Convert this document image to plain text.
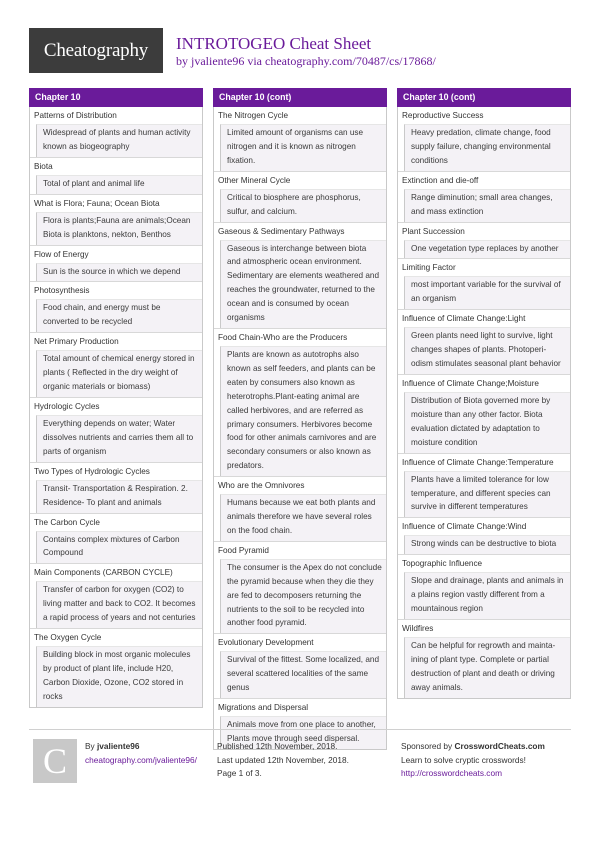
Cheatography	INTROTOGEO Cheat Sheet
by jvaliente96 via cheatography.com/70487/cs/17868/
Chapter 10
Patterns of Distribution
Widespread of plants and human activity known as biogeography
Biota
Total of plant and animal life
What is Flora; Fauna; Ocean Biota
Flora is plants;Fauna are animals;Ocean Biota is planktons, nekton, Benthos
Flow of Energy
Sun is the source in which we depend
Photosynthesis
Food chain, and energy must be converted to be recycled
Net Primary Production
Total amount of chemical energy stored in plants ( Reflected in the dry weight of organic materials or biomass)
Hydrologic Cycles
Everything depends on water; Water dissolves nutrients and carries them all to parts of organism
Two Types of Hydrologic Cycles
Transit- Transportation & Respiration. 2. Residence- To plant and animals
The Carbon Cycle
Contains complex mixtures of Carbon Compound
Main Components (CARBON CYCLE)
Transfer of carbon for oxygen (CO2) to living matter and back to CO2. It becomes a rapid process of years and not centuries
The Oxygen Cycle
Building block in most organic molecules by product of plant life, include H20, Carbon Dioxide, Ozone, CO2 stored in rocks
Chapter 10 (cont)
The Nitrogen Cycle
Limited amount of organisms can use nitrogen and it is known as nitrogen fixation.
Other Mineral Cycle
Critical to biosphere are phosphorus, sulfur, and calcium.
Gaseous & Sedimentary Pathways
Gaseous is interchange between biota and atmospheric ocean environment. Sedimentary are elements weathered and reaches the groundwater, returned to the ocean and is consumed by ocean organisms
Food Chain-Who are the Producers
Plants are known as autotrophs also known as self feeders, and plants can be eaten by consumers also known as heterotrophs.Plant-eating animal are called herbivores, and are referred as primary consumers. Herbivores become food for other animals carnivores and are secondary consumers or also known as predators.
Who are the Omnivores
Humans because we eat both plants and animals therefore we have several roles on the food chain.
Food Pyramid
The consumer is the Apex do not conclude the pyramid because when they die they are fed to decomposers returning the nutrients to the soil to be recycled into another food pyramid.
Evolutionary Development
Survival of the fittest. Some localized, and several scattered localities of the same genus
Migrations and Dispersal
Animals move from one place to another, Plants move through seed dispersal.
Chapter 10 (cont)
Reproductive Success
Heavy predation, climate change, food supply failure, changing environmental conditions
Extinction and die-off
Range diminution; small area changes, and mass extinction
Plant Succession
One vegetation type replaces by another
Limiting Factor
most important variable for the survival of an organism
Influence of Climate Change:Light
Green plants need light to survive, light changes shapes of plants. Photoperi-odism stimulates seasonal plant behavior
Influence of Climate Change;Moisture
Distribution of Biota governed more by moisture than any other factor. Biota evaluation dictated by adaptation to moisture condition
Influence of Climate Change:Temperature
Plants have a limited tolerance for low temperature, and different species can survive in different temperatures
Influence of Climate Change:Wind
Strong winds can be destructive to biota
Topographic Influence
Slope and drainage, plants and animals in a plains region vastly different from a mountainous region
Wildfires
Can be helpful for regrowth and mainta-ining of plant type. Complete or partial destruction of plant and death or driving away animals.
C	By jvaliente96
cheatography.com/jvaliente96/
Published 12th November, 2018.
Last updated 12th November, 2018.
Page 1 of 3.
Sponsored by CrosswordCheats.com
Learn to solve cryptic crosswords!
http://crosswordcheats.com
